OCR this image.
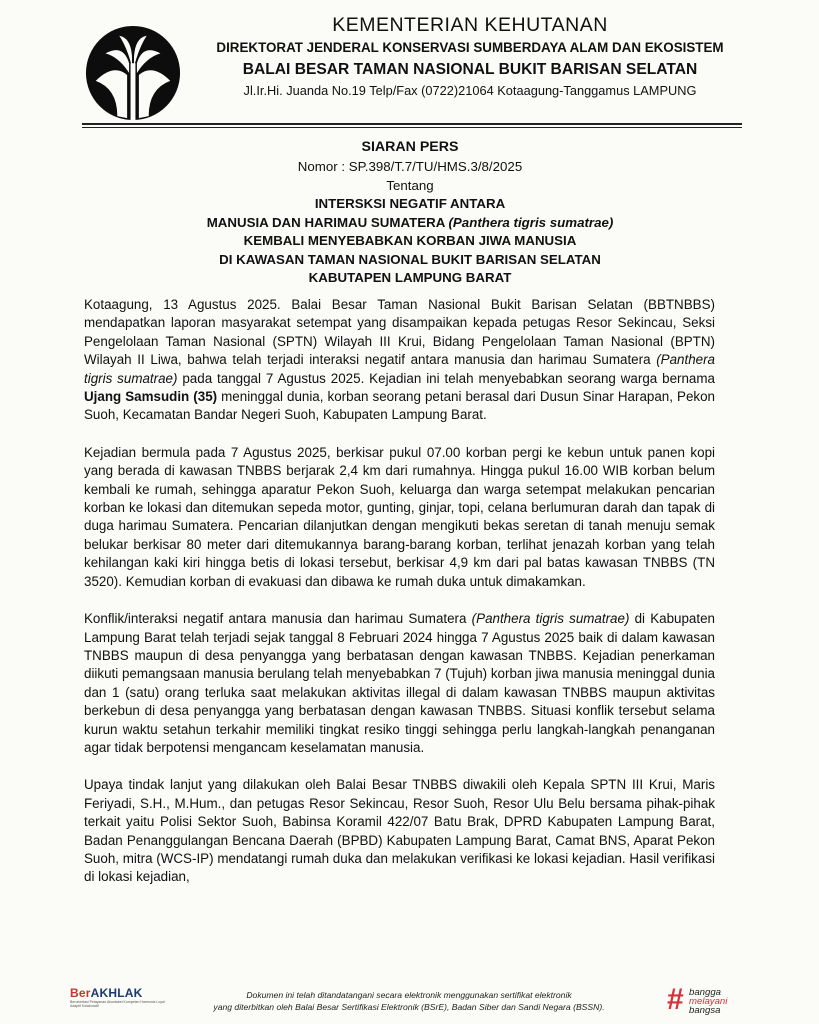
KEMENTERIAN KEHUTANAN
DIREKTORAT JENDERAL KONSERVASI SUMBERDAYA ALAM DAN EKOSISTEM
BALAI BESAR TAMAN NASIONAL BUKIT BARISAN SELATAN
Jl.Ir.Hi. Juanda No.19 Telp/Fax (0722)21064 Kotaagung-Tanggamus LAMPUNG
SIARAN PERS
Nomor : SP.398/T.7/TU/HMS.3/8/2025
Tentang
INTERSKSI NEGATIF ANTARA
MANUSIA DAN HARIMAU SUMATERA (Panthera tigris sumatrae)
KEMBALI MENYEBABKAN KORBAN JIWA MANUSIA
DI KAWASAN TAMAN NASIONAL BUKIT BARISAN SELATAN
KABUTAPEN LAMPUNG BARAT

Kotaagung, 13 Agustus 2025. Balai Besar Taman Nasional Bukit Barisan Selatan (BBTNBBS) mendapatkan laporan masyarakat setempat yang disampaikan kepada petugas Resor Sekincau, Seksi Pengelolaan Taman Nasional (SPTN) Wilayah III Krui, Bidang Pengelolaan Taman Nasional (BPTN) Wilayah II Liwa, bahwa telah terjadi interaksi negatif antara manusia dan harimau Sumatera (Panthera tigris sumatrae) pada tanggal 7 Agustus 2025. Kejadian ini telah menyebabkan seorang warga bernama Ujang Samsudin (35) meninggal dunia, korban seorang petani berasal dari Dusun Sinar Harapan, Pekon Suoh, Kecamatan Bandar Negeri Suoh, Kabupaten Lampung Barat.

Kejadian bermula pada 7 Agustus 2025, berkisar pukul 07.00 korban pergi ke kebun untuk panen kopi yang berada di kawasan TNBBS berjarak 2,4 km dari rumahnya. Hingga pukul 16.00 WIB korban belum kembali ke rumah, sehingga aparatur Pekon Suoh, keluarga dan warga setempat melakukan pencarian korban ke lokasi dan ditemukan sepeda motor, gunting, ginjar, topi, celana berlumuran darah dan tapak di duga harimau Sumatera. Pencarian dilanjutkan dengan mengikuti bekas seretan di tanah menuju semak belukar berkisar 80 meter dari ditemukannya barang-barang korban, terlihat jenazah korban yang telah kehilangan kaki kiri hingga betis di lokasi tersebut, berkisar 4,9 km dari pal batas kawasan TNBBS (TN 3520). Kemudian korban di evakuasi dan dibawa ke rumah duka untuk dimakamkan.

Konflik/interaksi negatif antara manusia dan harimau Sumatera (Panthera tigris sumatrae) di Kabupaten Lampung Barat telah terjadi sejak tanggal 8 Februari 2024 hingga 7 Agustus 2025 baik di dalam kawasan TNBBS maupun di desa penyangga yang berbatasan dengan kawasan TNBBS. Kejadian penerkaman diikuti pemangsaan manusia berulang telah menyebabkan 7 (Tujuh) korban jiwa manusia meninggal dunia dan 1 (satu) orang terluka saat melakukan aktivitas illegal di dalam kawasan TNBBS maupun aktivitas berkebun di desa penyangga yang berbatasan dengan kawasan TNBBS. Situasi konflik tersebut selama kurun waktu setahun terkahir memiliki tingkat resiko tinggi sehingga perlu langkah-langkah penanganan agar tidak berpotensi mengancam keselamatan manusia.

Upaya tindak lanjut yang dilakukan oleh Balai Besar TNBBS diwakili oleh Kepala SPTN III Krui, Maris Feriyadi, S.H., M.Hum., dan petugas Resor Sekincau, Resor Suoh, Resor Ulu Belu bersama pihak-pihak terkait yaitu Polisi Sektor Suoh, Babinsa Koramil 422/07 Batu Brak, DPRD Kabupaten Lampung Barat, Badan Penanggulangan Bencana Daerah (BPBD) Kabupaten Lampung Barat, Camat BNS, Aparat Pekon Suoh, mitra (WCS-IP) mendatangi rumah duka dan melakukan verifikasi ke lokasi kejadian. Hasil verifikasi di lokasi kejadian,

BerAKHLAK
Berorientasi Pelayanan Akuntabel Kompeten Harmonis Loyal Adaptif Kolaboratif
Dokumen ini telah ditandatangani secara elektronik menggunakan sertifikat elektronik
yang diterbitkan oleh Balai Besar Sertifikasi Elektronik (BSrE), Badan Siber dan Sandi Negara (BSSN).	# bangga
melayani
bangsa
